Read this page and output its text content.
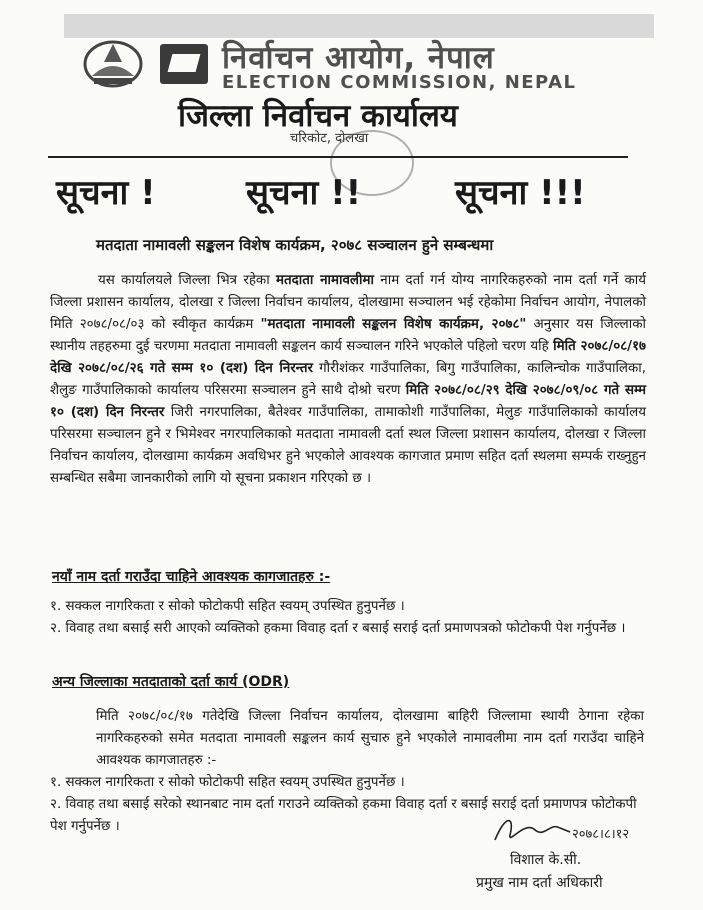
निर्वाचन आयोग, नेपाल
ELECTION COMMISSION, NEPAL
जिल्ला निर्वाचन कार्यालय
चरिकोट, दोलखा
सूचना !	सूचना !!	सूचना !!!
मतदाता नामावली सङ्कलन विशेष कार्यक्रम, २०७८ सञ्चालन हुने सम्बन्धमा
यस कार्यालयले जिल्ला भित्र रहेका मतदाता नामावलीमा नाम दर्ता गर्न योग्य नागरिकहरुको नाम दर्ता गर्ने कार्य जिल्ला प्रशासन कार्यालय, दोलखा र जिल्ला निर्वाचन कार्यालय, दोलखामा सञ्चालन भई रहेकोमा निर्वाचन आयोग, नेपालको मिति २०७८/०८/०३ को स्वीकृत कार्यक्रम "मतदाता नामावली सङ्कलन विशेष कार्यक्रम, २०७८" अनुसार यस जिल्लाको स्थानीय तहहरुमा दुई चरणमा मतदाता नामावली सङ्कलन कार्य सञ्चालन गरिने भएकोले पहिलो चरण यहि मिति २०७८/०८/१७ देखि २०७८/०८/२६ गते सम्म १० (दश) दिन निरन्तर गौरीशंकर गाउँपालिका, बिगु गाउँपालिका, कालिन्चोक गाउँपालिका, शैलुङ गाउँपालिकाको कार्यालय परिसरमा सञ्चालन हुने साथै दोश्रो चरण मिति २०७८/०८/२९ देखि २०७८/०९/०८ गते सम्म १० (दश) दिन निरन्तर जिरी नगरपालिका, बैतेश्वर गाउँपालिका, तामाकोशी गाउँपालिका, मेलुङ गाउँपालिकाको कार्यालय परिसरमा सञ्चालन हुने र भिमेश्वर नगरपालिकाको मतदाता नामावली दर्ता स्थल जिल्ला प्रशासन कार्यालय, दोलखा र जिल्ला निर्वाचन कार्यालय, दोलखामा कार्यक्रम अवधिभर हुने भएकोले आवश्यक कागजात प्रमाण सहित दर्ता स्थलमा सम्पर्क राख्नुहुन सम्बन्धित सबैमा जानकारीको लागि यो सूचना प्रकाशन गरिएको छ ।
नयाँ नाम दर्ता गराउँदा चाहिने आवश्यक कागजातहरु :-
१. सक्कल नागरिकता र सोको फोटोकपी सहित स्वयम् उपस्थित हुनुपर्नेछ ।
२. विवाह तथा बसाई सरी आएको व्यक्तिको हकमा विवाह दर्ता र बसाई सराई दर्ता प्रमाणपत्रको फोटोकपी पेश गर्नुपर्नेछ ।
अन्य जिल्लाका मतदाताको दर्ता कार्य (ODR)
मिति २०७८/०८/१७ गतेदेखि जिल्ला निर्वाचन कार्यालय, दोलखामा बाहिरी जिल्लामा स्थायी ठेगाना रहेका नागरिकहरुको समेत मतदाता नामावली सङ्कलन कार्य सुचारु हुने भएकोले नामावलीमा नाम दर्ता गराउँदा चाहिने आवश्यक कागजातहरु :-
१. सक्कल नागरिकता र सोको फोटोकपी सहित स्वयम् उपस्थित हुनुपर्नेछ ।
२. विवाह तथा बसाई सरेको स्थानबाट नाम दर्ता गराउने व्यक्तिको हकमा विवाह दर्ता र बसाई सराई दर्ता प्रमाणपत्र फोटोकपी पेश गर्नुपर्नेछ ।
२०७८।८।१२
विशाल के.सी.
प्रमुख नाम दर्ता अधिकारी
